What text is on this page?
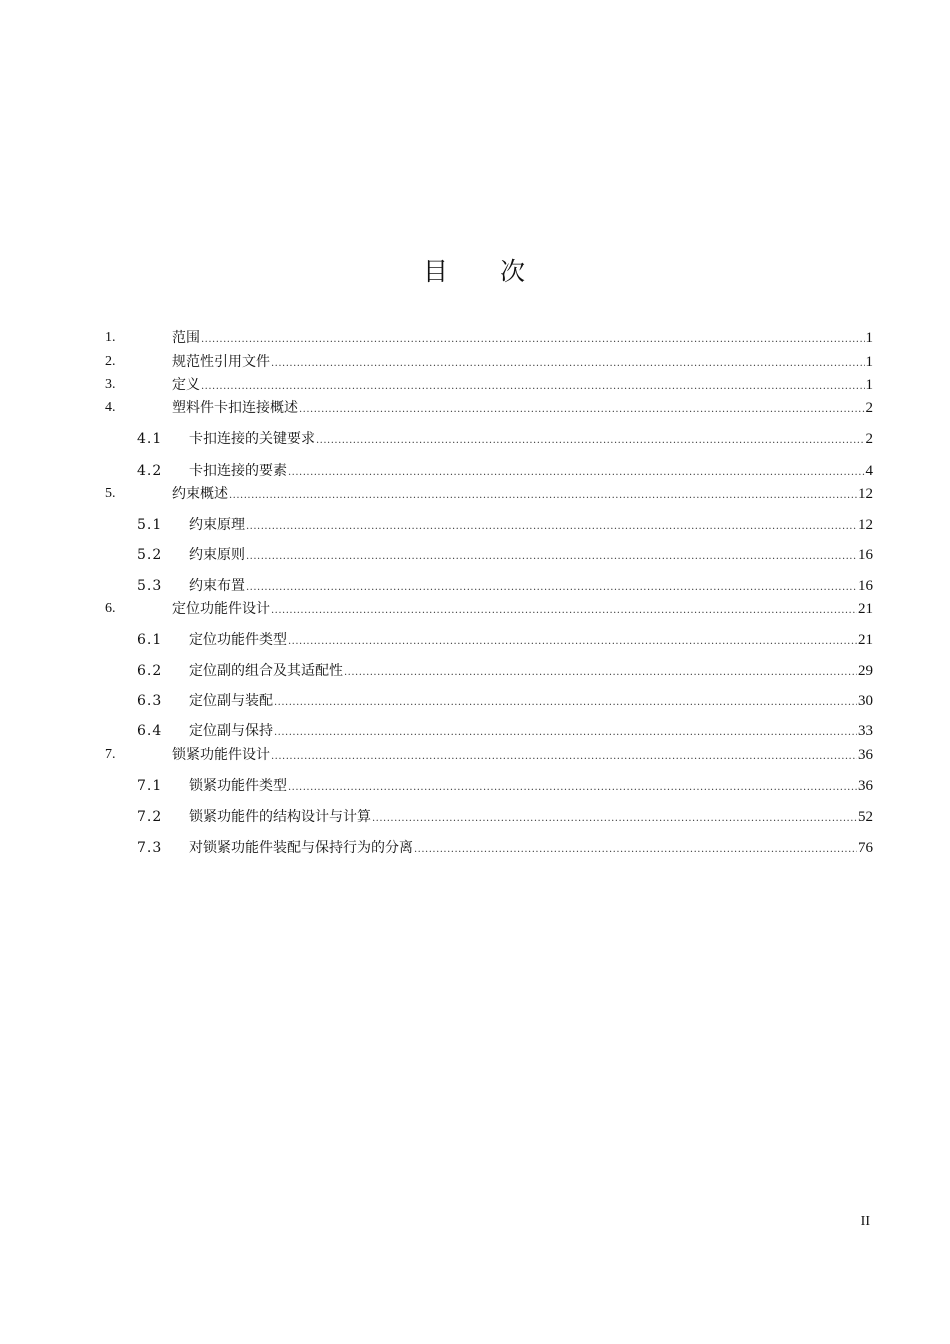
目 次
1.	范围 .....	1
2.	规范性引用文件 .....	1
3.	定义 .....	1
4.	塑料件卡扣连接概述 .....	2
4.1 卡扣连接的关键要求 .....	2
4.2 卡扣连接的要素 .....	4
5.	约束概述 .....	12
5.1 约束原理 .....	12
5.2 约束原则 .....	16
5.3 约束布置 .....	16
6.	定位功能件设计 .....	21
6.1 定位功能件类型 .....	21
6.2 定位副的组合及其适配性 .....	29
6.3 定位副与装配 .....	30
6.4 定位副与保持 .....	33
7.	锁紧功能件设计 .....	36
7.1 锁紧功能件类型 .....	36
7.2 锁紧功能件的结构设计与计算 .....	52
7.3 对锁紧功能件装配与保持行为的分离 .....	76
II
